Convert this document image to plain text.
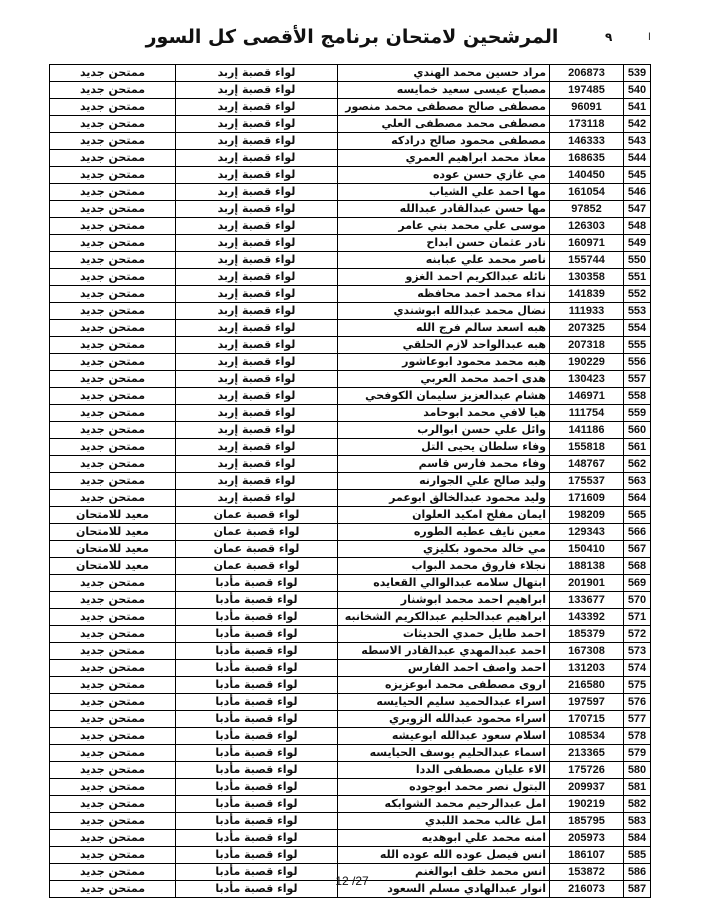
المرشحين لامتحان برنامج الأقصى كل السور	٩	ا
ممتحن جديد	لواء قصبة إربد	مراد حسين محمد الهندي	206873	539
ممتحن جديد	لواء قصبة إربد	مصباح عيسى سعيد خمايسه	197485	540
ممتحن جديد	لواء قصبة إربد	مصطفى صالح مصطفى محمد منصور	96091	541
ممتحن جديد	لواء قصبة إربد	مصطفى محمد مصطفى العلي	173118	542
ممتحن جديد	لواء قصبة إربد	مصطفى محمود صالح درادكه	146333	543
ممتحن جديد	لواء قصبة إربد	معاذ محمد ابراهيم العمري	168635	544
ممتحن جديد	لواء قصبة إربد	مي غازي حسن عوده	140450	545
ممتحن جديد	لواء قصبة إربد	مها احمد علي الشياب	161054	546
ممتحن جديد	لواء قصبة إربد	مها حسن عبدالقادر عبدالله	97852	547
ممتحن جديد	لواء قصبة إربد	موسى علي محمد بني عامر	126303	548
ممتحن جديد	لواء قصبة إربد	نادر عثمان حسن ابداح	160971	549
ممتحن جديد	لواء قصبة إربد	ناصر محمد علي عبابنه	155744	550
ممتحن جديد	لواء قصبة إربد	نائله عبدالكريم احمد الغزو	130358	551
ممتحن جديد	لواء قصبة إربد	نداء محمد احمد محافظه	141839	552
ممتحن جديد	لواء قصبة إربد	نضال محمد عبدالله ابوشندي	111933	553
ممتحن جديد	لواء قصبة إربد	هبه اسعد سالم فرج الله	207325	554
ممتحن جديد	لواء قصبة إربد	هبه عبدالواحد لازم الحلقي	207318	555
ممتحن جديد	لواء قصبة إربد	هبه محمد محمود ابوعاشور	190229	556
ممتحن جديد	لواء قصبة إربد	هدى احمد محمد العربي	130423	557
ممتحن جديد	لواء قصبة إربد	هشام عبدالعزيز سليمان الكوفحي	146971	558
ممتحن جديد	لواء قصبة إربد	هيا لافي محمد ابوحامد	111754	559
ممتحن جديد	لواء قصبة إربد	وائل علي حسن ابوالرب	141186	560
ممتحن جديد	لواء قصبة إربد	وفاء سلطان يحيى التل	155818	561
ممتحن جديد	لواء قصبة إربد	وفاء محمد فارس قاسم	148767	562
ممتحن جديد	لواء قصبة إربد	وليد صالح علي الجوارنه	175537	563
ممتحن جديد	لواء قصبة إربد	وليد محمود عبدالخالق ابوعمر	171609	564
معيد للامتحان	لواء قصبة عمان	ايمان مفلح امكيد العلوان	198209	565
معيد للامتحان	لواء قصبة عمان	معين نايف عطيه الطوره	129343	566
معيد للامتحان	لواء قصبة عمان	مي خالد محمود بكليزي	150410	567
معيد للامتحان	لواء قصبة عمان	نجلاء فاروق محمد البواب	188138	568
ممتحن جديد	لواء قصبة مأدبا	ابتهال سلامه عبدالوالي القعايده	201901	569
ممتحن جديد	لواء قصبة مأدبا	ابراهيم احمد محمد ابوشنار	133677	570
ممتحن جديد	لواء قصبة مأدبا	ابراهيم عبدالحليم عبدالكريم الشخانبه	143392	571
ممتحن جديد	لواء قصبة مأدبا	احمد طايل حمدي الحديثات	185379	572
ممتحن جديد	لواء قصبة مأدبا	احمد عبدالمهدي عبدالقادر الاسطه	167308	573
ممتحن جديد	لواء قصبة مأدبا	احمد واصف احمد الفارس	131203	574
ممتحن جديد	لواء قصبة مأدبا	اروى مصطفى محمد ابوعزيزه	216580	575
ممتحن جديد	لواء قصبة مأدبا	اسراء عبدالحميد سليم الحيايسه	197597	576
ممتحن جديد	لواء قصبة مأدبا	اسراء محمود عبدالله الزويري	170715	577
ممتحن جديد	لواء قصبة مأدبا	اسلام سعود عبدالله ابوعيشه	108534	578
ممتحن جديد	لواء قصبة مأدبا	اسماء عبدالحليم يوسف الحيايسه	213365	579
ممتحن جديد	لواء قصبة مأدبا	الاء عليان مصطفى الددا	175726	580
ممتحن جديد	لواء قصبة مأدبا	البتول نصر محمد ابوجوده	209937	581
ممتحن جديد	لواء قصبة مأدبا	امل عبدالرحيم محمد الشوابكه	190219	582
ممتحن جديد	لواء قصبة مأدبا	امل غالب محمد اللبدي	185795	583
ممتحن جديد	لواء قصبة مأدبا	امنه محمد علي ابوهديه	205973	584
ممتحن جديد	لواء قصبة مأدبا	انس فيصل عوده الله عوده الله	186107	585
ممتحن جديد	لواء قصبة مأدبا	انس محمد خلف ابوالغنم	153872	586
ممتحن جديد	لواء قصبة مأدبا	انوار عبدالهادي مسلم السعود	216073	587
12 /27
